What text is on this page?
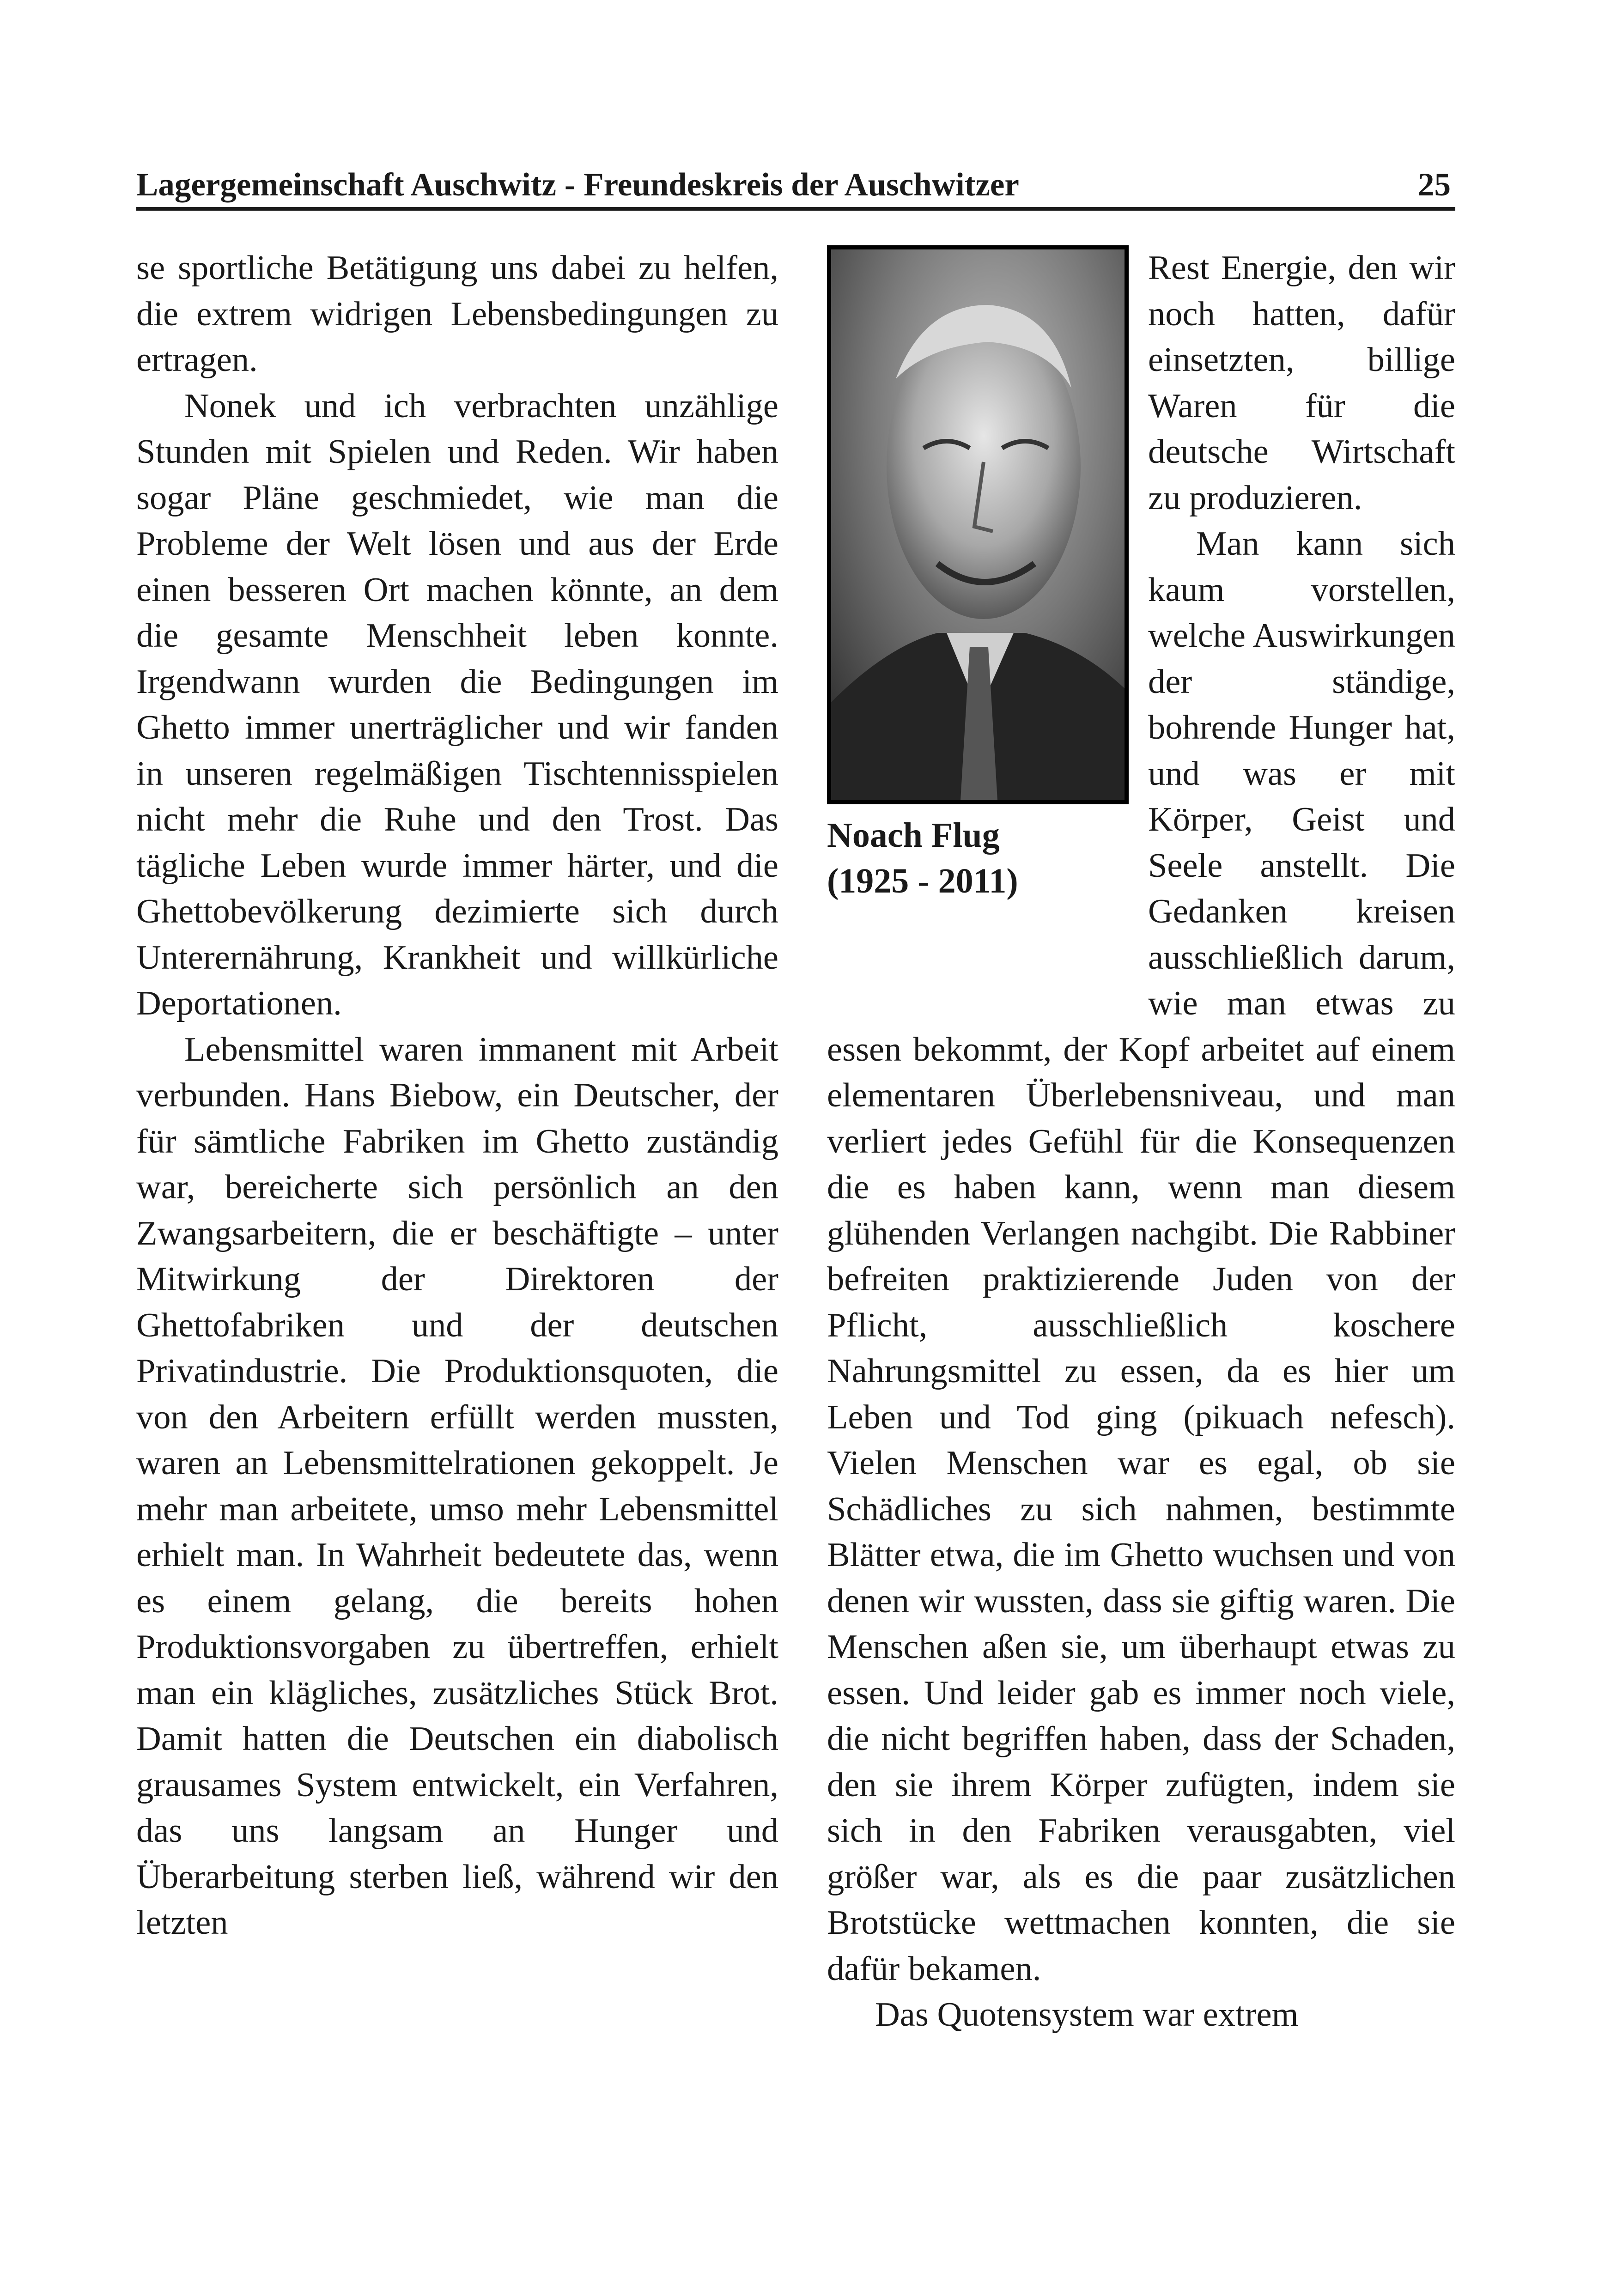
Lagergemeinschaft Auschwitz - Freundeskreis der Auschwitzer	25

se sportliche Betätigung uns dabei zu helfen, die extrem widrigen Lebensbedingungen zu ertragen.

Nonek und ich verbrachten unzählige Stunden mit Spielen und Reden. Wir haben sogar Pläne geschmiedet, wie man die Probleme der Welt lösen und aus der Erde einen besseren Ort machen könnte, an dem die gesamte Menschheit leben konnte. Irgendwann wurden die Bedingungen im Ghetto immer unerträglicher und wir fanden in unseren regelmäßigen Tischtennisspielen nicht mehr die Ruhe und den Trost. Das tägliche Leben wurde immer härter, und die Ghettobevölkerung dezimierte sich durch Unterernährung, Krankheit und willkürliche Deportationen.

Lebensmittel waren immanent mit Arbeit verbunden. Hans Biebow, ein Deutscher, der für sämtliche Fabriken im Ghetto zuständig war, bereicherte sich persönlich an den Zwangsarbeitern, die er beschäftigte – unter Mitwirkung der Direktoren der Ghettofabriken und der deutschen Privatindustrie. Die Produktionsquoten, die von den Arbeitern erfüllt werden mussten, waren an Lebensmittelrationen gekoppelt. Je mehr man arbeitete, umso mehr Lebensmittel erhielt man. In Wahrheit bedeutete das, wenn es einem gelang, die bereits hohen Produktionsvorgaben zu übertreffen, erhielt man ein klägliches, zusätzliches Stück Brot. Damit hatten die Deutschen ein diabolisch grausames System entwickelt, ein Verfahren, das uns langsam an Hunger und Überarbeitung sterben ließ, während wir den letzten

Noach Flug
(1925 - 2011)

Rest Energie, den wir noch hatten, dafür einsetzten, billige Waren für die deutsche Wirtschaft zu produzieren.

Man kann sich kaum vorstellen, welche Auswirkungen der ständige, bohrende Hunger hat, und was er mit Körper, Geist und Seele anstellt. Die Gedanken kreisen ausschließlich darum, wie man etwas zu essen bekommt, der Kopf arbeitet auf einem elementaren Überlebensniveau, und man verliert jedes Gefühl für die Konsequenzen die es haben kann, wenn man diesem glühenden Verlangen nachgibt. Die Rabbiner befreiten praktizierende Juden von der Pflicht, ausschließlich koschere Nahrungsmittel zu essen, da es hier um Leben und Tod ging (pikuach nefesch). Vielen Menschen war es egal, ob sie Schädliches zu sich nahmen, bestimmte Blätter etwa, die im Ghetto wuchsen und von denen wir wussten, dass sie giftig waren. Die Menschen aßen sie, um überhaupt etwas zu essen. Und leider gab es immer noch viele, die nicht begriffen haben, dass der Schaden, den sie ihrem Körper zufügten, indem sie sich in den Fabriken verausgabten, viel größer war, als es die paar zusätzlichen Brotstücke wettmachen konnten, die sie dafür bekamen.

Das Quotensystem war extrem
